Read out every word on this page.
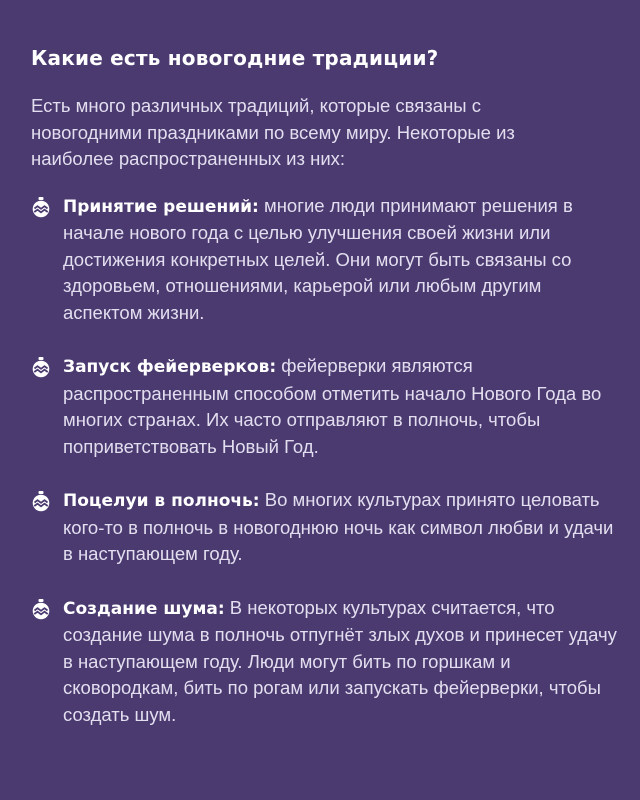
Какие есть новогодние традиции?

Есть много различных традиций, которые связаны с новогодними праздниками по всему миру. Некоторые из наиболее распространенных из них:

Принятие решений: многие люди принимают решения в начале нового года с целью улучшения своей жизни или достижения конкретных целей. Они могут быть связаны со здоровьем, отношениями, карьерой или любым другим аспектом жизни.
Запуск фейерверков: фейерверки являются распространенным способом отметить начало Нового Года во многих странах. Их часто отправляют в полночь, чтобы поприветствовать Новый Год.
Поцелуи в полночь: Во многих культурах принято целовать кого-то в полночь в новогоднюю ночь как символ любви и удачи в наступающем году.
Создание шума: В некоторых культурах считается, что создание шума в полночь отпугнёт злых духов и принесет удачу в наступающем году. Люди могут бить по горшкам и сковородкам, бить по рогам или запускать фейерверки, чтобы создать шум.
